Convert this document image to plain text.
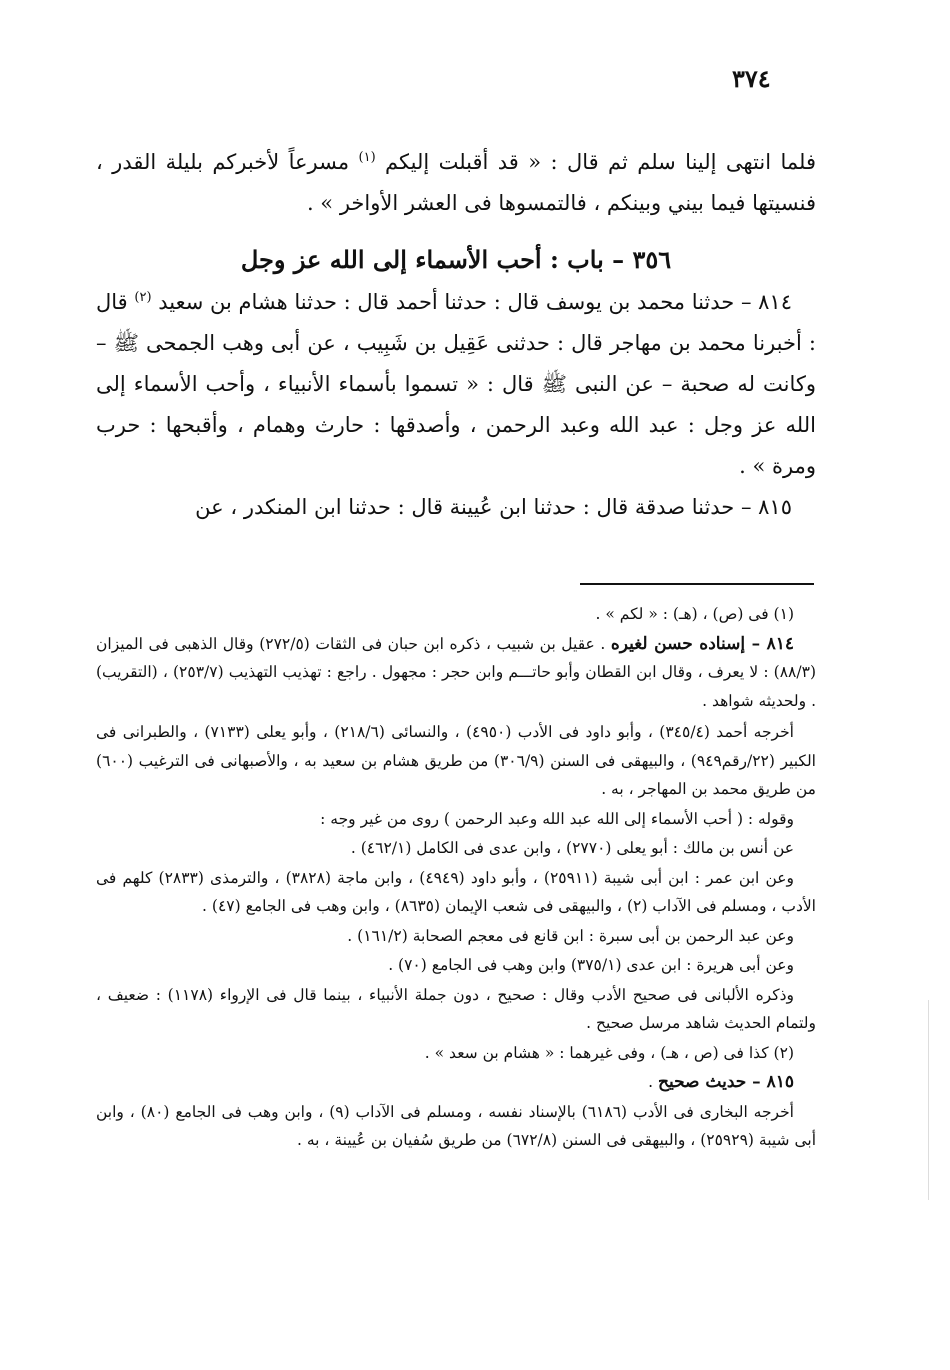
٣٧٤

فلما انتهى إلينا سلم ثم قال : « قد أقبلت إليكم $^{(١)}$ مسرعاً لأخبركم بليلة القدر ، فنسيتها فيما بيني وبينكم ، فالتمسوها فى العشر الأواخر » .

٣٥٦ – باب : أحب الأسماء إلى الله عز وجل

٨١٤ – حدثنا محمد بن يوسف قال : حدثنا أحمد قال : حدثنا هشام بن سعيد $^{(٢)}$ قال : أخبرنا محمد بن مهاجر قال : حدثنى عَقِيل بن شَبِيب ، عن أبى وهب الجمحى ﷺ – وكانت له صحبة – عن النبى ﷺ قال : « تسموا بأسماء الأنبياء ، وأحب الأسماء إلى الله عز وجل : عبد الله وعبد الرحمن ، وأصدقها : حارث وهمام ، وأقبحها : حرب ومرة » .

٨١٥ – حدثنا صدقة قال : حدثنا ابن عُيينة قال : حدثنا ابن المنكدر ، عن

(١) فى (ص) ، (هـ) : « لكم » .

٨١٤ – إسناده حسن لغيره . عقيل بن شبيب ، ذكره ابن حبان فى الثقات (٢٧٢/٥) وقال الذهبى فى الميزان (٨٨/٣) : لا يعرف ، وقال ابن القطان وأبو حاتـــم وابن حجر : مجهول . راجع : تهذيب التهذيب (٢٥٣/٧) ، (التقريب) . ولحديثه شواهد .

أخرجه أحمد (٣٤٥/٤) ، وأبو داود فى الأدب (٤٩٥٠) ، والنسائى (٢١٨/٦) ، وأبو يعلى (٧١٣٣) ، والطبرانى فى الكبير (٢٢/رقم٩٤٩) ، والبيهقى فى السنن (٣٠٦/٩) من طريق هشام بن سعيد به ، والأصبهانى فى الترغيب (٦٠٠) من طريق محمد بن المهاجر ، به .

وقوله : ( أحب الأسماء إلى الله عبد الله وعبد الرحمن ) روى من غير وجه :

عن أنس بن مالك : أبو يعلى (٢٧٧٠) ، وابن عدى فى الكامل (٤٦٢/١) .

وعن ابن عمر : ابن أبى شيبة (٢٥٩١١) ، وأبو داود (٤٩٤٩) ، وابن ماجة (٣٨٢٨) ، والترمذى (٢٨٣٣) كلهم فى الأدب ، ومسلم فى الآداب (٢) ، والبيهقى فى شعب الإيمان (٨٦٣٥) ، وابن وهب فى الجامع (٤٧) .

وعن عبد الرحمن بن أبى سبرة : ابن قانع فى معجم الصحابة (١٦١/٢) .

وعن أبى هريرة : ابن عدى (٣٧٥/١) وابن وهب فى الجامع (٧٠) .

وذكره الألبانى فى صحيح الأدب وقال : صحيح ، دون جملة الأنبياء ، بينما قال فى الإرواء (١١٧٨) : ضعيف ، ولتمام الحديث شاهد مرسل صحيح .

(٢) كذا فى (ص ، هـ) ، وفى غيرهما : « هشام بن سعد » .

٨١٥ – حديث صحيح .

أخرجه البخارى فى الأدب (٦١٨٦) بالإسناد نفسه ، ومسلم فى الآداب (٩) ، وابن وهب فى الجامع (٨٠) ، وابن أبى شيبة (٢٥٩٢٩) ، والبيهقى فى السنن (٦٧٢/٨) من طريق سُفيان بن عُيينة ، به .
